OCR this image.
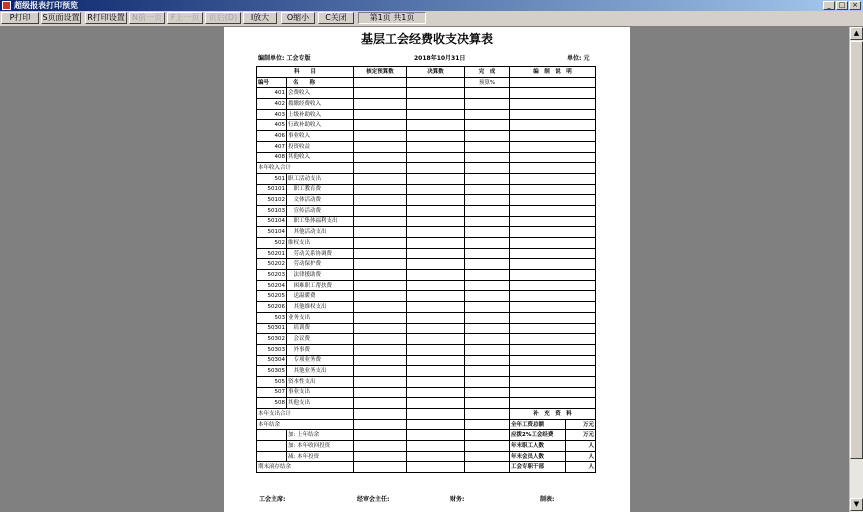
超级报表打印预览	_	□ ×
P打印	S页面设置 R打印设置 N前一页	F上一页	页后(D)	I放大	O缩小	C关闭	第1页 共1页
基层工会经费收支决算表
编制单位: 工会专版	2018年10月31日	单位: 元
科　　目		核定预算数	决算数	完　成	编　制　说　明	
编号	名　　称			预算%		
401	会费收入					
402	拨缴经费收入					
403	上级补助收入					
405	行政补助收入					
406	事业收入					
407	投资收益					
408	其他收入					
本年收入合计						
501	职工活动支出					
50101	　职工教育费					
50102	　文体活动费					
50103	　宣传活动费					
50104	　职工集体福利支出					
50104	　其他活动支出					
502	维权支出					
50201	　劳动关系协调费					
50202	　劳动保护费					
50203	　法律援助费					
50204	　困难职工帮扶费					
50205	　送温暖费					
50206	　其他维权支出					
503	业务支出					
50301	　培训费					
50302	　会议费					
50303	　外事费					
50304	　专项业务费					
50305	　其他业务支出					
505	资本性支出					
507	事业支出					
508	其他支出					
本年支出合计					补　充　资　料	
本年结余					全年工资总额	万元
	加: 上年结余				应拨2%工会经费	万元
	加: 本年收回投资				年末职工人数	人
	减: 本年投资				年末会员人数	人
期末滚存结余					工会专职干部	人
工会主席:	经审会主任:	财务:	制表:
▲
▼
